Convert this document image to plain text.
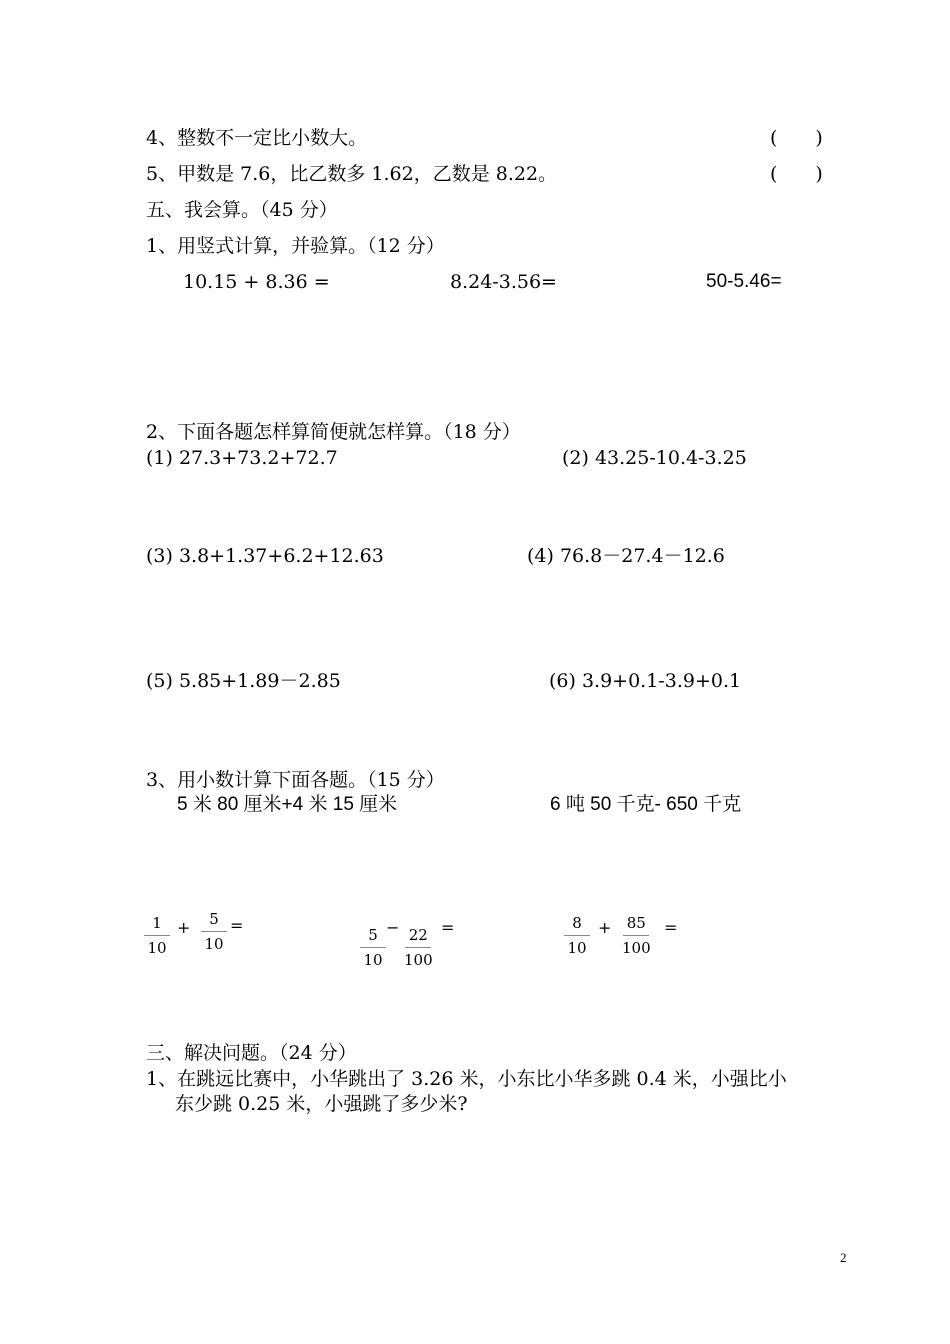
4、整数不一定比小数大。	(　　)
5、甲数是 7.6，比乙数多 1.62，乙数是 8.22。	(　　)
五、我会算。（45 分）
1、用竖式计算，并验算。（12 分）
10.15 + 8.36 =	8.24-3.56=	50-5.46=
2、下面各题怎样算简便就怎样算。（18 分）
(1) 27.3+73.2+72.7	(2) 43.25-10.4-3.25
(3) 3.8+1.37+6.2+12.63	(4) 76.8－27.4－12.6
(5) 5.85+1.89－2.85	(6) 3.9+0.1-3.9+0.1
3、用小数计算下面各题。（15 分）
5 米 80 厘米+4 米 15 厘米	6 吨 50 千克- 650 千克
$\frac{1}{10} + \frac{5}{10}$ =
$\frac{5}{10} - \frac{22}{100}$ =	$\frac{8}{10} + \frac{85}{100}$ =
三、解决问题。（24 分）
1、在跳远比赛中，小华跳出了 3.26 米，小东比小华多跳 0.4 米，小强比小
东少跳 0.25 米，小强跳了多少米?
2
